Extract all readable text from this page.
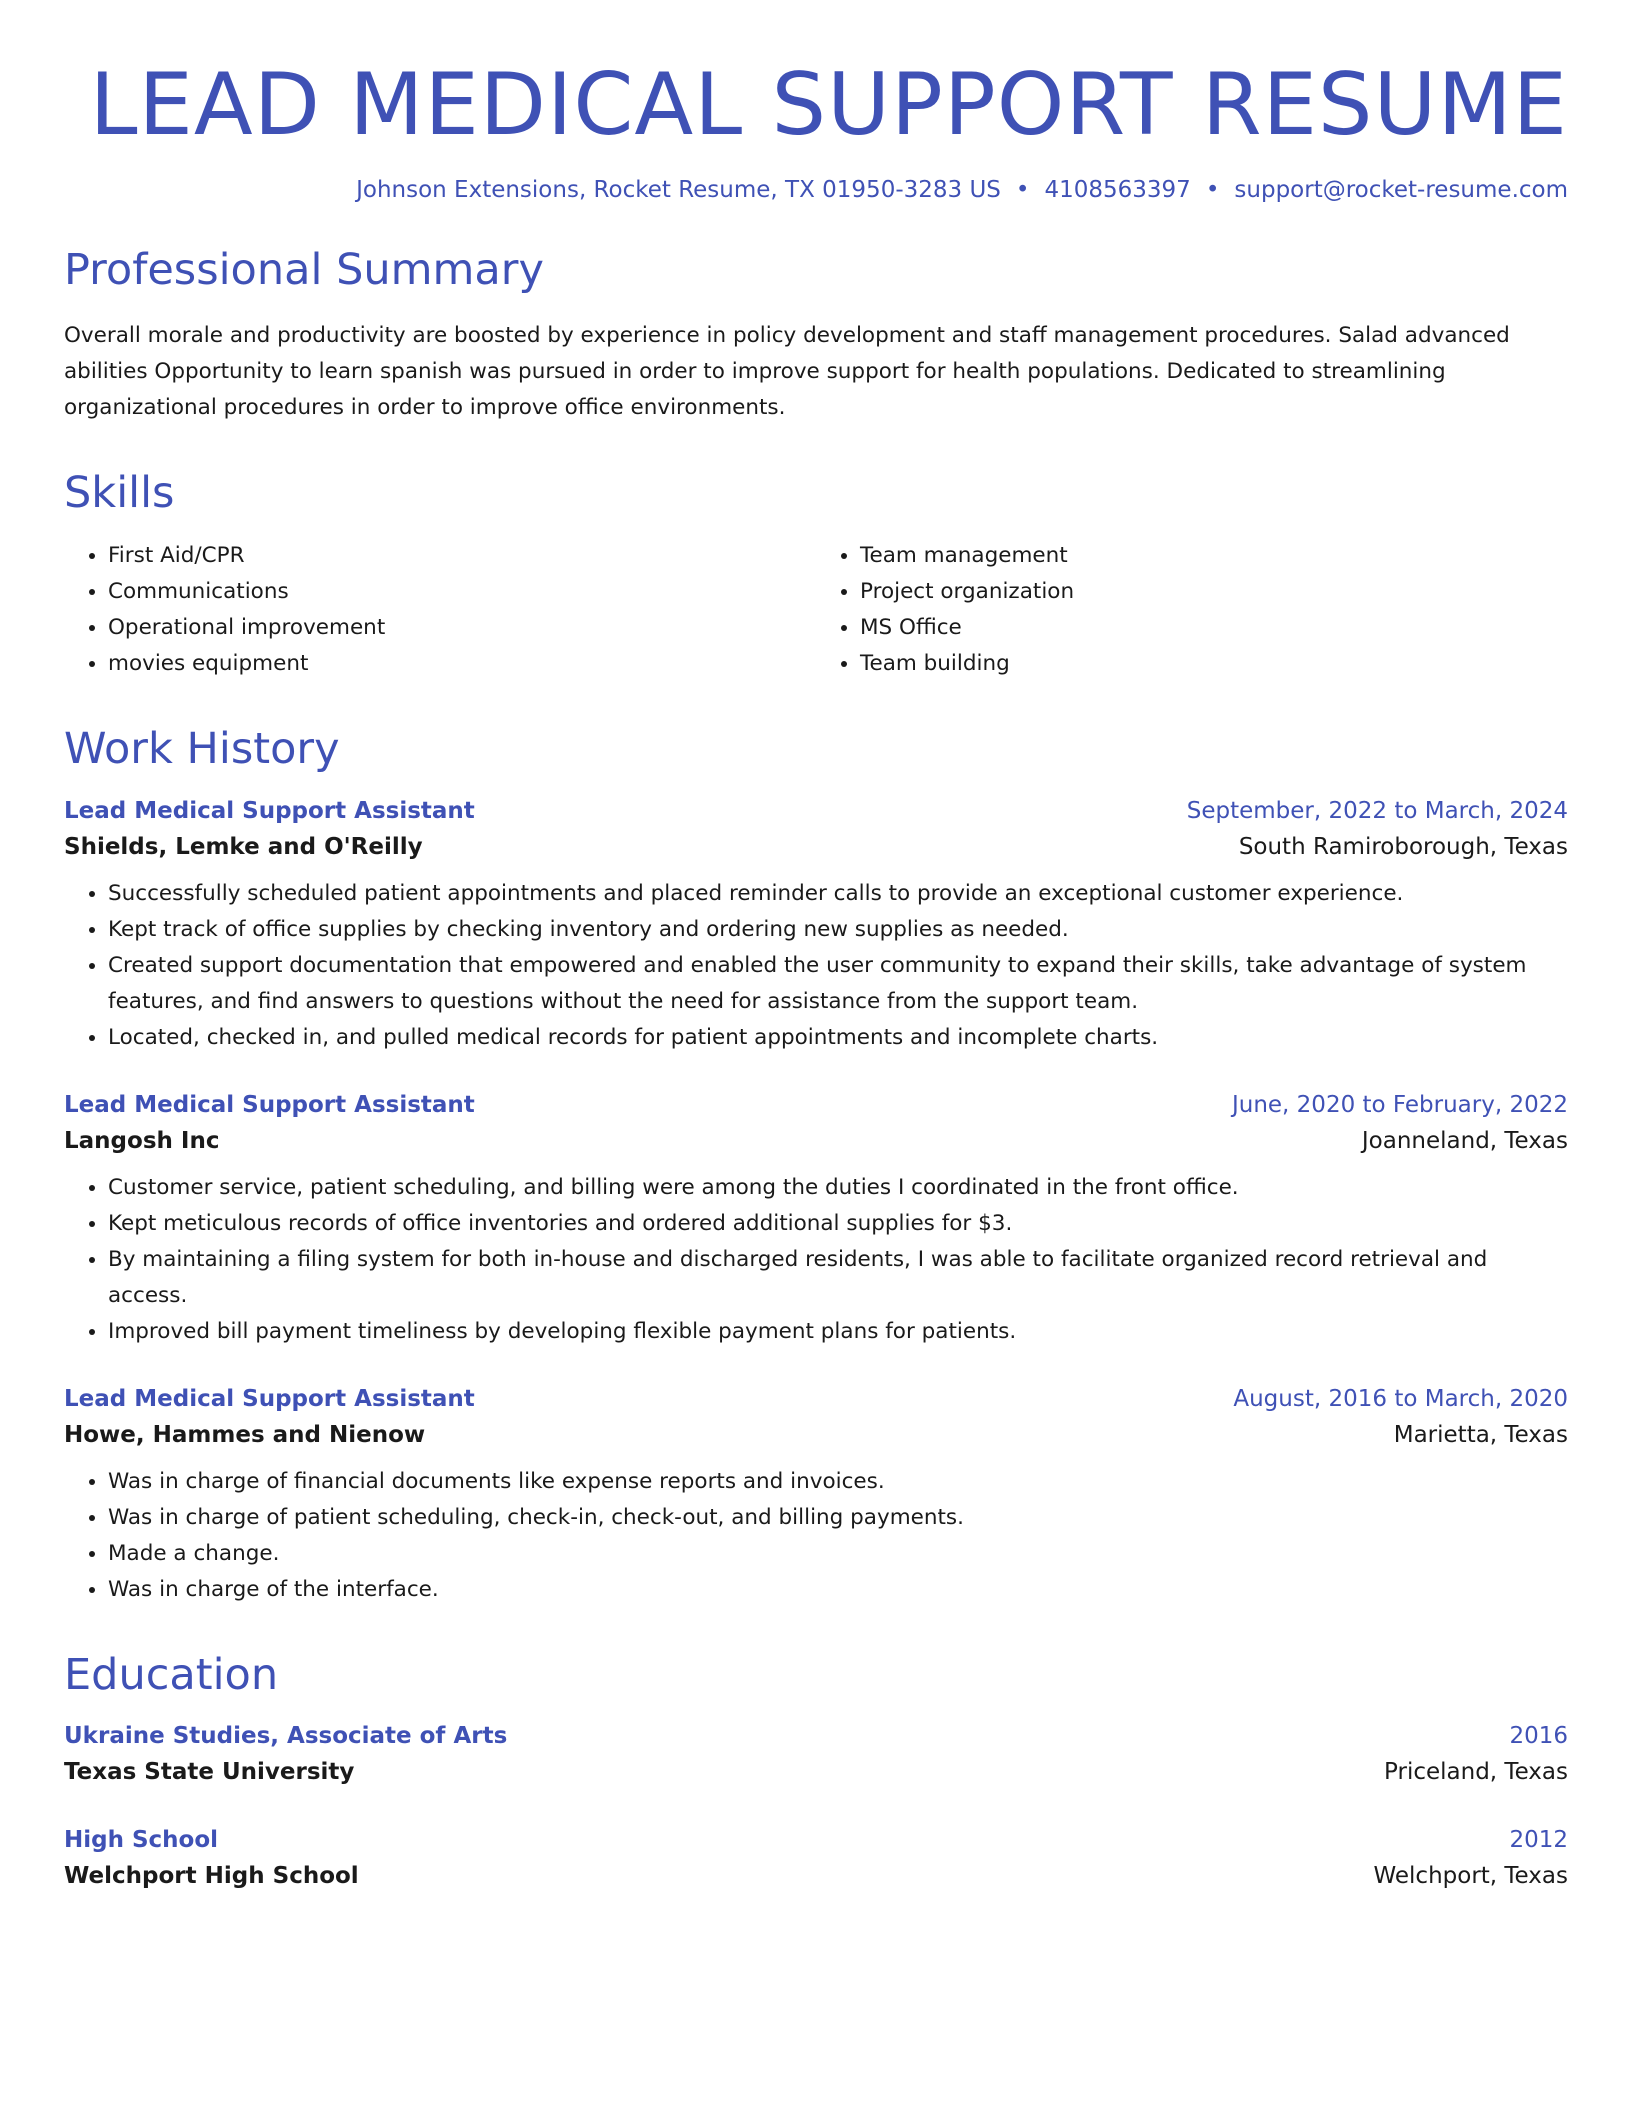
LEAD MEDICAL SUPPORT RESUME
Johnson Extensions, Rocket Resume, TX 01950-3283 US • 4108563397 • support@rocket-resume.com
Professional Summary
Overall morale and productivity are boosted by experience in policy development and staff management procedures. Salad advanced abilities Opportunity to learn spanish was pursued in order to improve support for health populations. Dedicated to streamlining organizational procedures in order to improve office environments.
Skills
• First Aid/CPR
• Communications
• Operational improvement
• movies equipment
• Team management
• Project organization
• MS Office
• Team building
Work History
Lead Medical Support Assistant	September, 2022 to March, 2024
Shields, Lemke and O'Reilly	South Ramiroborough, Texas
• Successfully scheduled patient appointments and placed reminder calls to provide an exceptional customer experience.
• Kept track of office supplies by checking inventory and ordering new supplies as needed.
• Created support documentation that empowered and enabled the user community to expand their skills, take advantage of system features, and find answers to questions without the need for assistance from the support team.
• Located, checked in, and pulled medical records for patient appointments and incomplete charts.
Lead Medical Support Assistant	June, 2020 to February, 2022
Langosh Inc	Joanneland, Texas
• Customer service, patient scheduling, and billing were among the duties I coordinated in the front office.
• Kept meticulous records of office inventories and ordered additional supplies for $3.
• By maintaining a filing system for both in-house and discharged residents, I was able to facilitate organized record retrieval and access.
• Improved bill payment timeliness by developing flexible payment plans for patients.
Lead Medical Support Assistant	August, 2016 to March, 2020
Howe, Hammes and Nienow	Marietta, Texas
• Was in charge of financial documents like expense reports and invoices.
• Was in charge of patient scheduling, check-in, check-out, and billing payments.
• Made a change.
• Was in charge of the interface.
Education
Ukraine Studies, Associate of Arts	2016
Texas State University	Priceland, Texas
High School	2012
Welchport High School	Welchport, Texas
